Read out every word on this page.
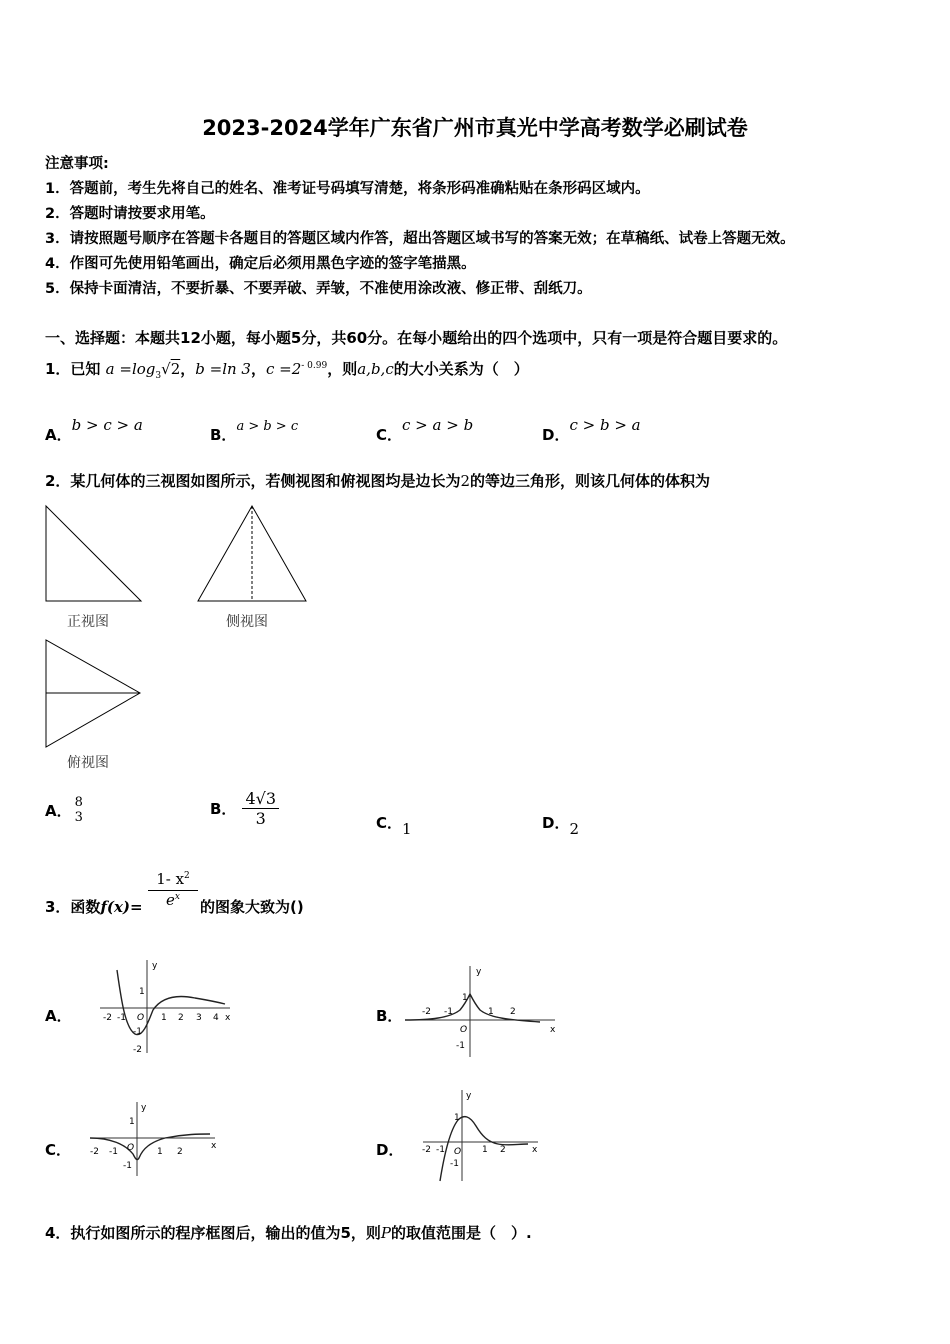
2023-2024学年广东省广州市真光中学高考数学必刷试卷
注意事项:
1．答题前，考生先将自己的姓名、准考证号码填写清楚，将条形码准确粘贴在条形码区域内。
2．答题时请按要求用笔。
3．请按照题号顺序在答题卡各题目的答题区域内作答，超出答题区域书写的答案无效；在草稿纸、试卷上答题无效。
4．作图可先使用铅笔画出，确定后必须用黑色字迹的签字笔描黑。
5．保持卡面清洁，不要折暴、不要弄破、弄皱，不准使用涂改液、修正带、刮纸刀。
一、选择题：本题共12小题，每小题5分，共60分。在每小题给出的四个选项中，只有一项是符合题目要求的。
1．已知 $a =\log_3√2$，b =ln 3，$c =2^{- 0.99}$，则a,b,c的大小关系为（　）
A．b > c > a
B．a > b > c	C．c > a > b
D．c > b > a
2．某几何体的三视图如图所示，若侧视图和俯视图均是边长为2的等边三角形，则该几何体的体积为
正视图	侧视图
俯视图
A． 8
3	B． $\frac{4√3}{3}$	C．1	D．2
3．函数$f(x)= \frac{1- x^2}{e^x}$ 的图象大致为()
A．	B．
C．	D．
y
x
O
-2 -1	1 2 3 4
1
-1
-2
y
x
O
-2 -1	1 2
1
-1
y
x
O
-2 -1	1 2
1
-1
y
x
O
-2 -1	1 2
1
-1
4．执行如图所示的程序框图后，输出的值为5，则P的取值范围是（　）.
